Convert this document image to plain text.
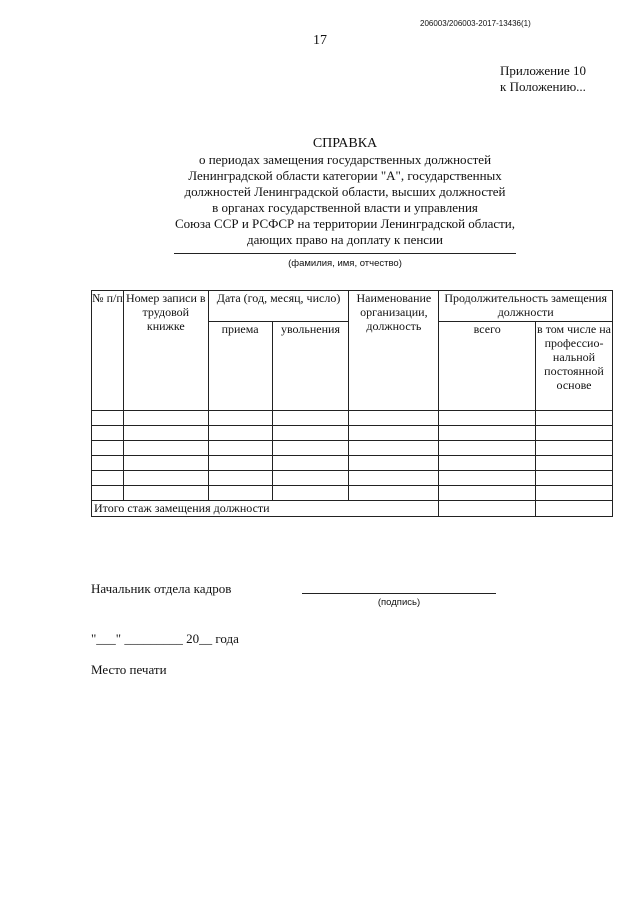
206003/206003-2017-13436(1)
17
Приложение 10
к Положению...
СПРАВКА
о периодах замещения государственных должностей
Ленинградской области категории "А", государственных
должностей Ленинградской области, высших должностей
в органах государственной власти и управления
Союза ССР и РСФСР на территории Ленинградской области,
дающих право на доплату к пенсии
(фамилия, имя, отчество)
№ п/п	Номер записи в трудовой книжке	Дата (год, месяц, число)		Наименование организации, должность	Продолжительность замещения должности	
		приема	увольнения		всего	в том числе на профессио-нальной постоянной основе

Итого стаж замещения должности						
Начальник отдела кадров
(подпись)
"___" _________ 20__ года
Место печати
